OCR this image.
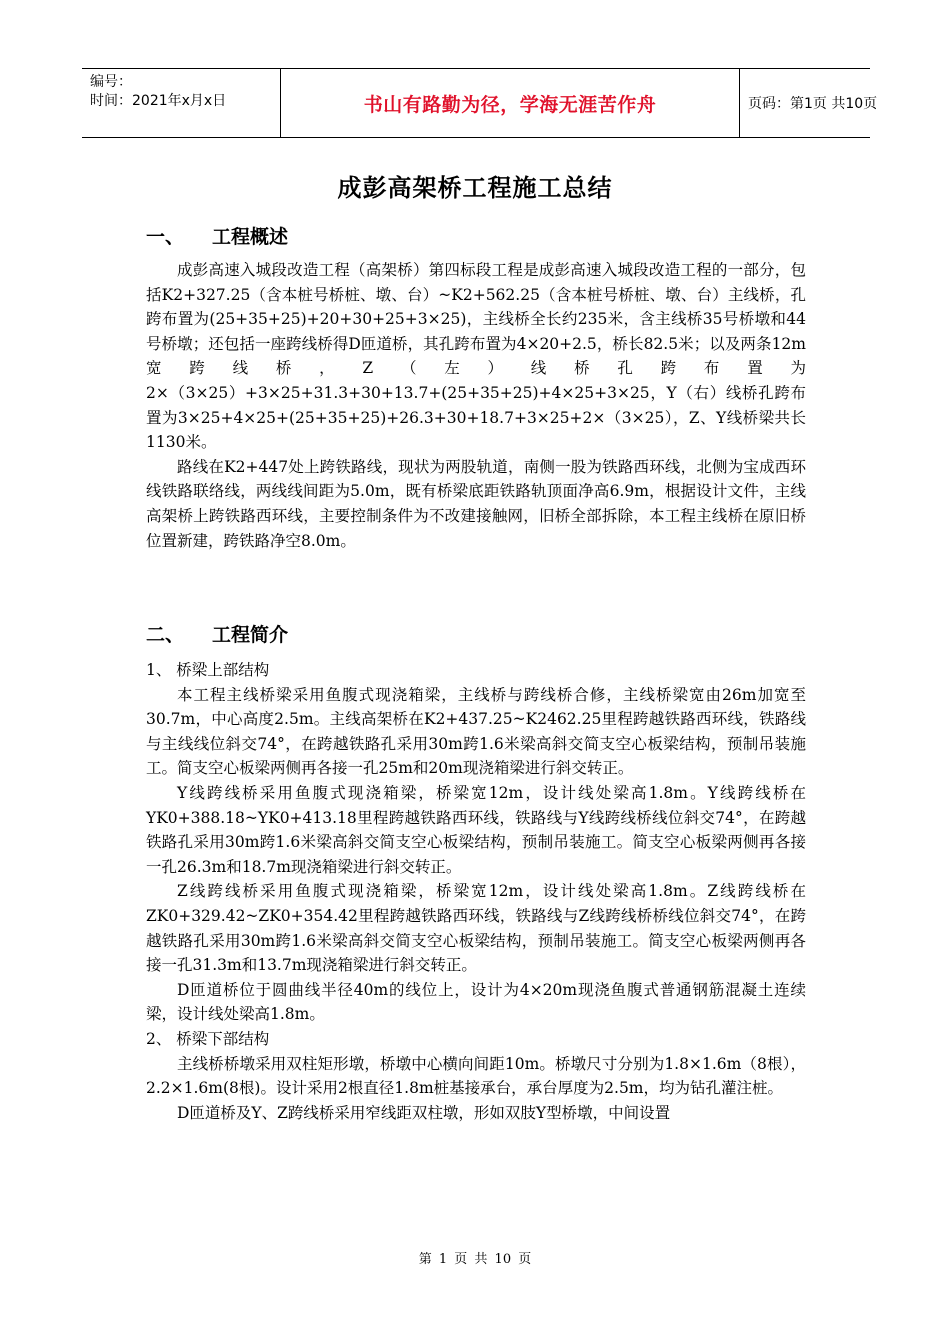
编号：
时间：2021年x月x日	书山有路勤为径，学海无涯苦作舟	页码：第1页 共10页
成彭高架桥工程施工总结
一、 工程概述

成彭高速入城段改造工程（高架桥）第四标段工程是成彭高速入城段改造工程的一部分，包括K2+327.25（含本桩号桥桩、墩、台）~K2+562.25（含本桩号桥桩、墩、台）主线桥，孔跨布置为(25+35+25)+20+30+25+3×25)，主线桥全长约235米，含主线桥35号桥墩和44号桥墩；还包括一座跨线桥得D匝道桥，其孔跨布置为4×20+2.5，桥长82.5米；以及两条12m宽跨线桥，Z（左）线桥孔跨布置为

2×（3×25）+3×25+31.3+30+13.7+(25+35+25)+4×25+3×25，Y（右）线桥孔跨布置为3×25+4×25+(25+35+25)+26.3+30+18.7+3×25+2×（3×25），Z、Y线桥梁共长1130米。

路线在K2+447处上跨铁路线，现状为两股轨道，南侧一股为铁路西环线，北侧为宝成西环线铁路联络线，两线线间距为5.0m，既有桥梁底距铁路轨顶面净高6.9m，根据设计文件，主线高架桥上跨铁路西环线，主要控制条件为不改建接触网，旧桥全部拆除，本工程主线桥在原旧桥位置新建，跨铁路净空8.0m。

二、 工程简介

1、 桥梁上部结构

本工程主线桥梁采用鱼腹式现浇箱梁，主线桥与跨线桥合修，主线桥梁宽由26m加宽至30.7m，中心高度2.5m。主线高架桥在K2+437.25~K2462.25里程跨越铁路西环线，铁路线与主线线位斜交74°，在跨越铁路孔采用30m跨1.6米梁高斜交简支空心板梁结构，预制吊装施工。简支空心板梁两侧再各接一孔25m和20m现浇箱梁进行斜交转正。

Y线跨线桥采用鱼腹式现浇箱梁，桥梁宽12m，设计线处梁高1.8m。Y线跨线桥在YK0+388.18~YK0+413.18里程跨越铁路西环线，铁路线与Y线跨线桥线位斜交74°，在跨越铁路孔采用30m跨1.6米梁高斜交简支空心板梁结构，预制吊装施工。简支空心板梁两侧再各接一孔26.3m和18.7m现浇箱梁进行斜交转正。

Z线跨线桥采用鱼腹式现浇箱梁，桥梁宽12m，设计线处梁高1.8m。Z线跨线桥在ZK0+329.42~ZK0+354.42里程跨越铁路西环线，铁路线与Z线跨线桥桥线位斜交74°，在跨越铁路孔采用30m跨1.6米梁高斜交简支空心板梁结构，预制吊装施工。简支空心板梁两侧再各接一孔31.3m和13.7m现浇箱梁进行斜交转正。

D匝道桥位于圆曲线半径40m的线位上，设计为4×20m现浇鱼腹式普通钢筋混凝土连续梁，设计线处梁高1.8m。

2、 桥梁下部结构

主线桥桥墩采用双柱矩形墩，桥墩中心横向间距10m。桥墩尺寸分别为1.8×1.6m（8根），2.2×1.6m(8根)。设计采用2根直径1.8m桩基接承台，承台厚度为2.5m，均为钻孔灌注桩。

D匝道桥及Y、Z跨线桥采用窄线距双柱墩，形如双肢Y型桥墩，中间设置

第 1 页 共 10 页
